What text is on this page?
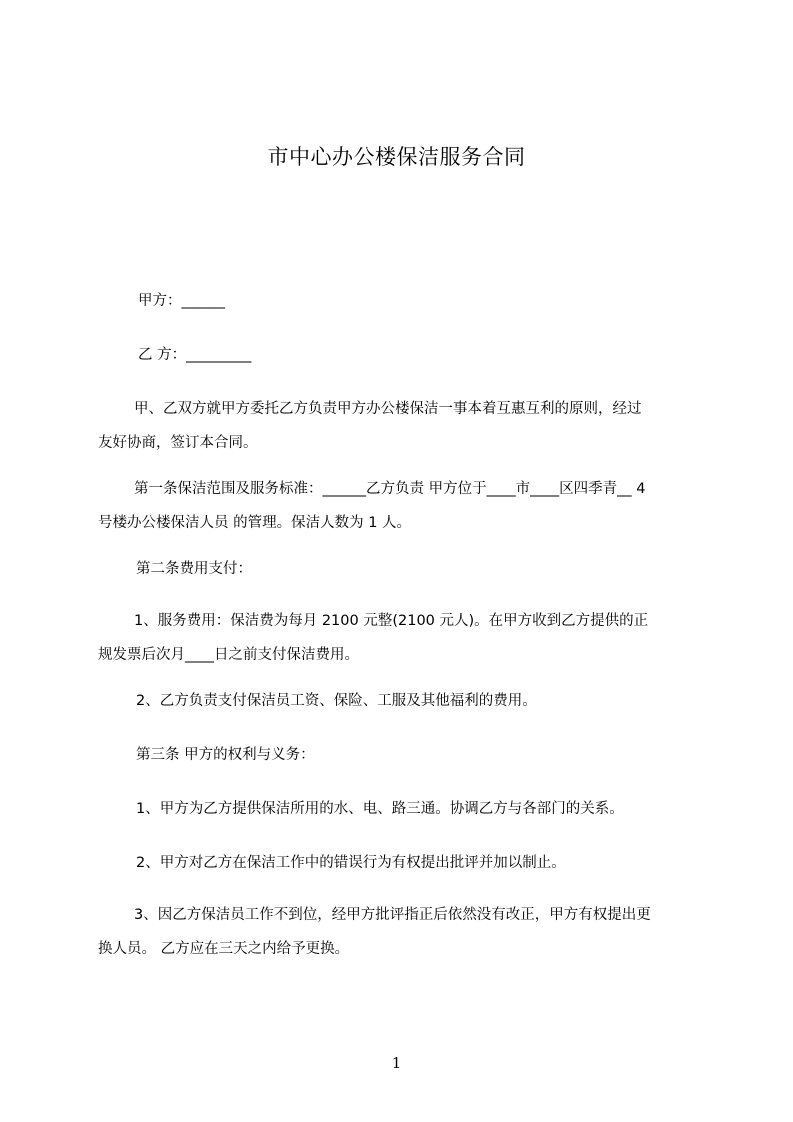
市中心办公楼保洁服务合同
甲方：______
乙 方：_________
甲、乙双方就甲方委托乙方负责甲方办公楼保洁一事本着互惠互利的原则，经过
友好协商，签订本合同。
第一条保洁范围及服务标准：______乙方负责 甲方位于____市____区四季青__ 4
号楼办公楼保洁人员 的管理。保洁人数为 1 人。
第二条费用支付：
1、服务费用：保洁费为每月 2100 元整(2100 元人)。在甲方收到乙方提供的正
规发票后次月____日之前支付保洁费用。
2、乙方负责支付保洁员工资、保险、工服及其他福利的费用。
第三条 甲方的权利与义务：
1、甲方为乙方提供保洁所用的水、电、路三通。协调乙方与各部门的关系。
2、甲方对乙方在保洁工作中的错误行为有权提出批评并加以制止。
3、因乙方保洁员工作不到位，经甲方批评指正后依然没有改正，甲方有权提出更
换人员。 乙方应在三天之内给予更换。
1
